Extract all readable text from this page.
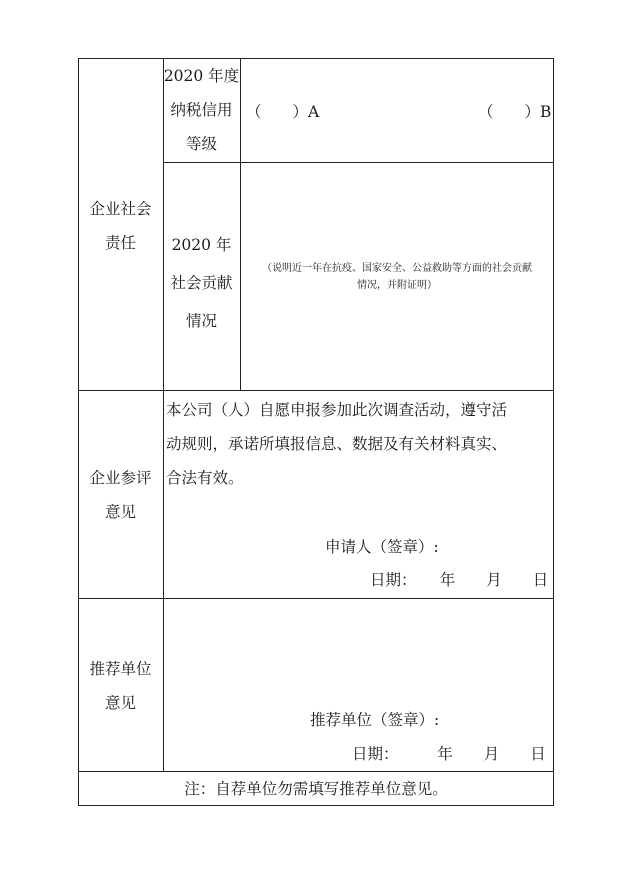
企业社会
责任
2020 年度
纳税信用
等级
（　　）A	（　　）B
2020 年
社会贡献
情况
（说明近一年在抗疫、国家安全、公益救助等方面的社会贡献
情况，并附证明）
企业参评
意见
本公司（人）自愿申报参加此次调查活动，遵守活
动规则，承诺所填报信息、数据及有关材料真实、
合法有效。
申请人（签章）:
日期：　　年　　月　　日
推荐单位
意见
推荐单位（签章）:
日期：　　　年　　月　　日
注：自荐单位勿需填写推荐单位意见。
